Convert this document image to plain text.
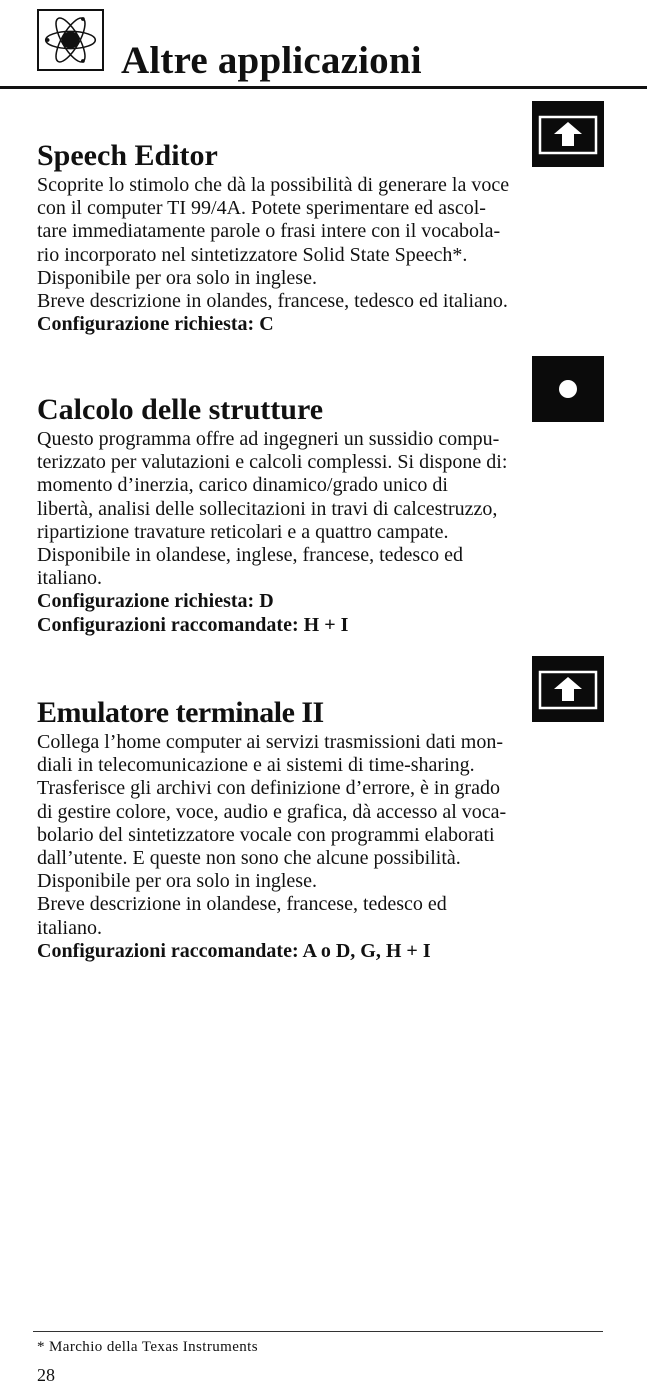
Altre applicazioni
Speech Editor
Scoprite lo stimolo che dà la possibilità di generare la voce
con il computer TI 99/4A. Potete sperimentare ed ascol-
tare immediatamente parole o frasi intere con il vocabola-
rio incorporato nel sintetizzatore Solid State Speech*.
Disponibile per ora solo in inglese.
Breve descrizione in olandes, francese, tedesco ed italiano.
Configurazione richiesta: C
Calcolo delle strutture
Questo programma offre ad ingegneri un sussidio compu-
terizzato per valutazioni e calcoli complessi. Si dispone di:
momento d’inerzia, carico dinamico/grado unico di
libertà, analisi delle sollecitazioni in travi di calcestruzzo,
ripartizione travature reticolari e a quattro campate.
Disponibile in olandese, inglese, francese, tedesco ed
italiano.
Configurazione richiesta: D
Configurazioni raccomandate: H + I
Emulatore terminale II
Collega l’home computer ai servizi trasmissioni dati mon-
diali in telecomunicazione e ai sistemi di time-sharing.
Trasferisce gli archivi con definizione d’errore, è in grado
di gestire colore, voce, audio e grafica, dà accesso al voca-
bolario del sintetizzatore vocale con programmi elaborati
dall’utente. E queste non sono che alcune possibilità.
Disponibile per ora solo in inglese.
Breve descrizione in olandese, francese, tedesco ed
italiano.
Configurazioni raccomandate: A o D, G, H + I
* Marchio della Texas Instruments
28
